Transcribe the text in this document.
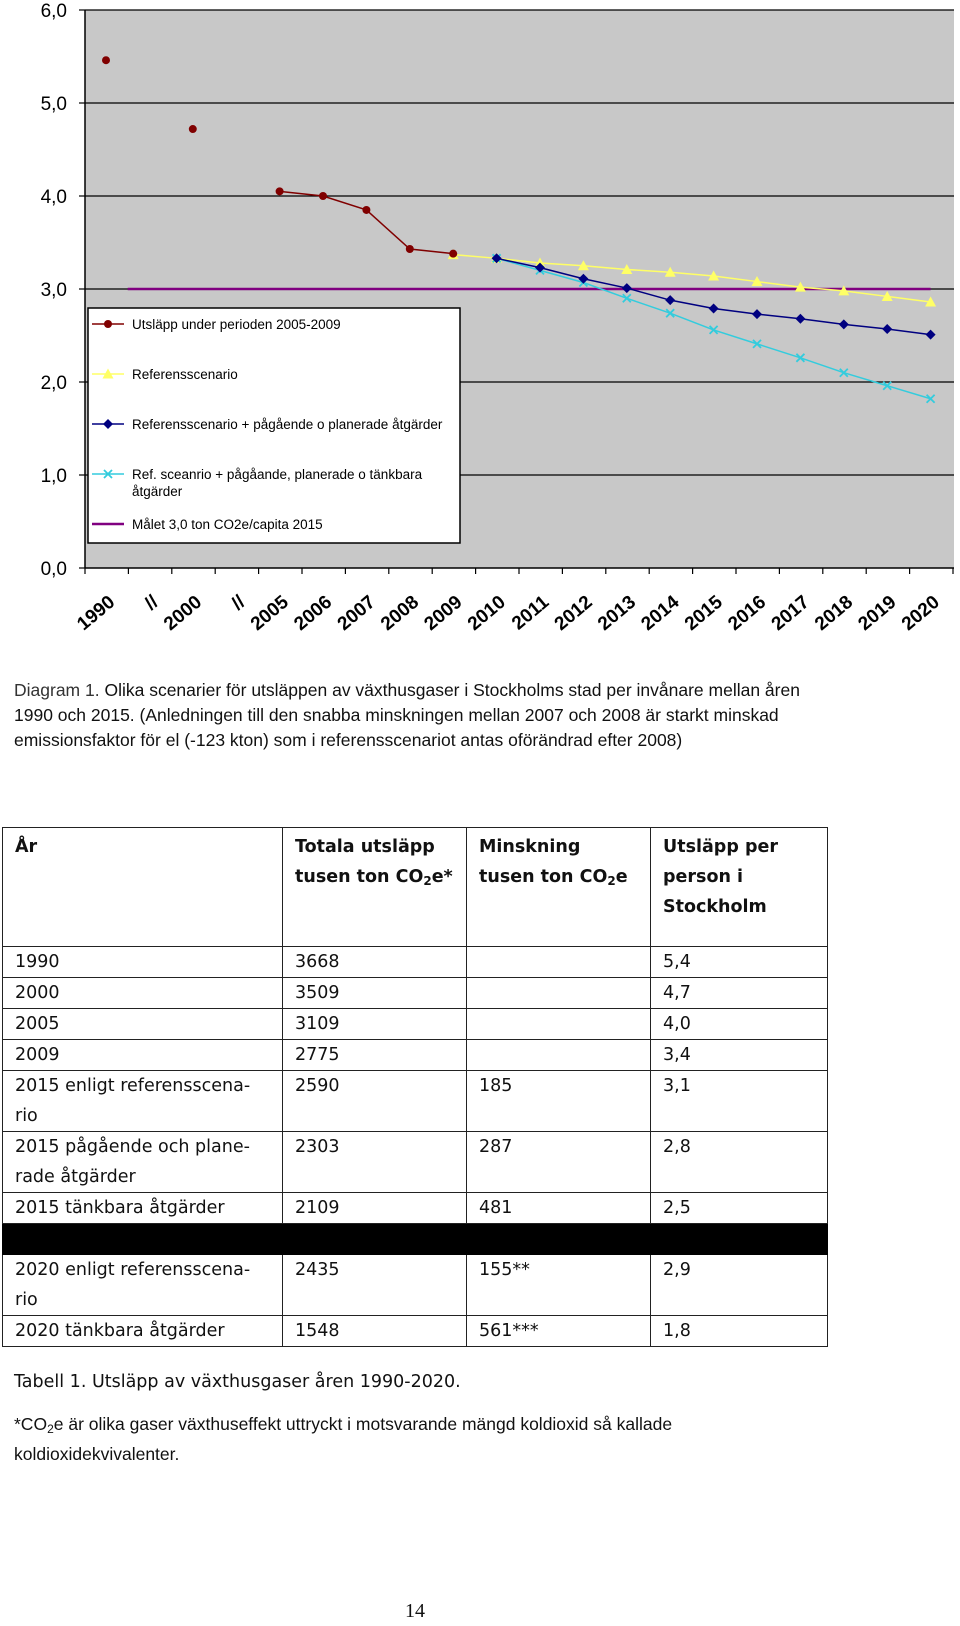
0,0
1,0
2,0
3,0
4,0
5,0
6,0
1990 //
2000 //
2005
2006
2007
2008
2009
2010
2011
2012
2013
2014
2015
2016
2017
2018
2019
2020
Utsläpp under perioden 2005-2009
Referensscenario
Referensscenario + pågående o planerade åtgärder
Ref. sceanrio + pågåande, planerade o tänkbara
åtgärder
Målet 3,0 ton CO2e/capita 2015

Diagram 1. Olika scenarier för utsläppen av växthusgaser i Stockholms stad per invånare mellan åren 1990 och 2015. (Anledningen till den snabba minskningen mellan 2007 och 2008 är starkt minskad emissionsfaktor för el (-123 kton) som i referensscenariot antas oförändrad efter 2008)

År	Totala utsläpp tusen ton $CO_2e*$	Minskning tusen ton $CO_2e$	Utsläpp per person i Stockholm
1990	3668		5,4
2000	3509		4,7
2005	3109		4,0
2009	2775		3,4
2015 enligt referensscena-rio	2590	185	3,1
2015 pågående och plane-rade åtgärder	2303	287	2,8
2015 tänkbara åtgärder	2109	481	2,5

2020 enligt referensscena-rio	2435	155**	2,9
2020 tänkbara åtgärder	1548	561***	1,8

Tabell 1. Utsläpp av växthusgaser åren 1990-2020.

$*CO_2e$ är olika gaser växthuseffekt uttryckt i motsvarande mängd koldioxid så kallade koldioxidekvivalenter.

14
